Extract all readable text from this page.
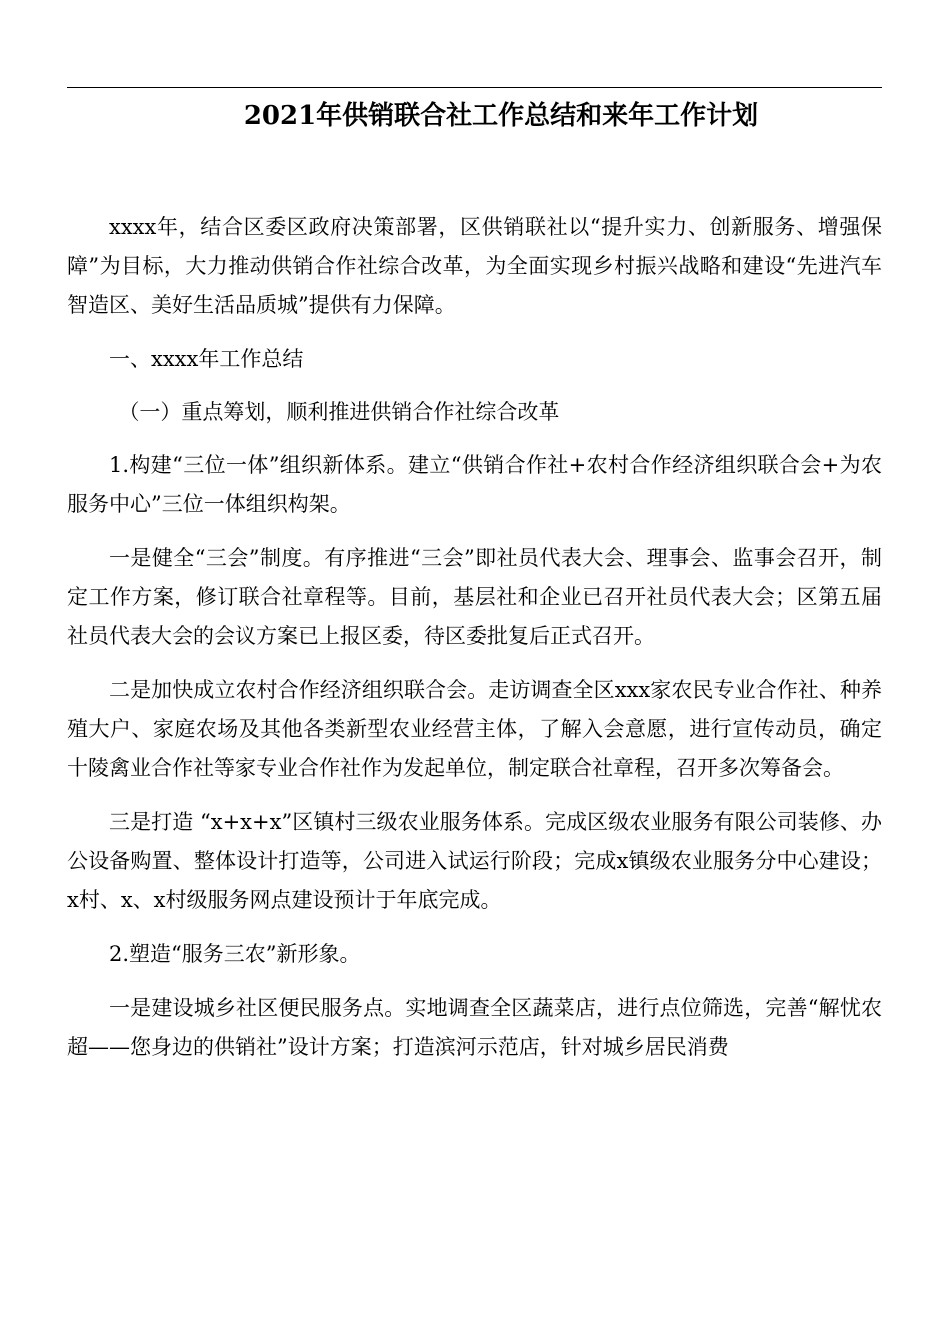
2021年供销联合社工作总结和来年工作计划

xxxx年，结合区委区政府决策部署，区供销联社以“提升实力、创新服务、增强保障”为目标，大力推动供销合作社综合改革，为全面实现乡村振兴战略和建设“先进汽车智造区、美好生活品质城”提供有力保障。

一、xxxx年工作总结

（一）重点筹划，顺利推进供销合作社综合改革

1.构建“三位一体”组织新体系。建立“供销合作社+农村合作经济组织联合会+为农服务中心”三位一体组织构架。

一是健全“三会”制度。有序推进“三会”即社员代表大会、理事会、监事会召开，制定工作方案，修订联合社章程等。目前，基层社和企业已召开社员代表大会；区第五届社员代表大会的会议方案已上报区委，待区委批复后正式召开。

二是加快成立农村合作经济组织联合会。走访调查全区xxx家农民专业合作社、种养殖大户、家庭农场及其他各类新型农业经营主体，了解入会意愿，进行宣传动员，确定十陵禽业合作社等家专业合作社作为发起单位，制定联合社章程，召开多次筹备会。

三是打造 “x+x+x”区镇村三级农业服务体系。完成区级农业服务有限公司装修、办公设备购置、整体设计打造等，公司进入试运行阶段；完成x镇级农业服务分中心建设；x村、x、x村级服务网点建设预计于年底完成。

2.塑造“服务三农”新形象。

一是建设城乡社区便民服务点。实地调查全区蔬菜店，进行点位筛选，完善“解忧农超——您身边的供销社”设计方案；打造滨河示范店，针对城乡居民消费
